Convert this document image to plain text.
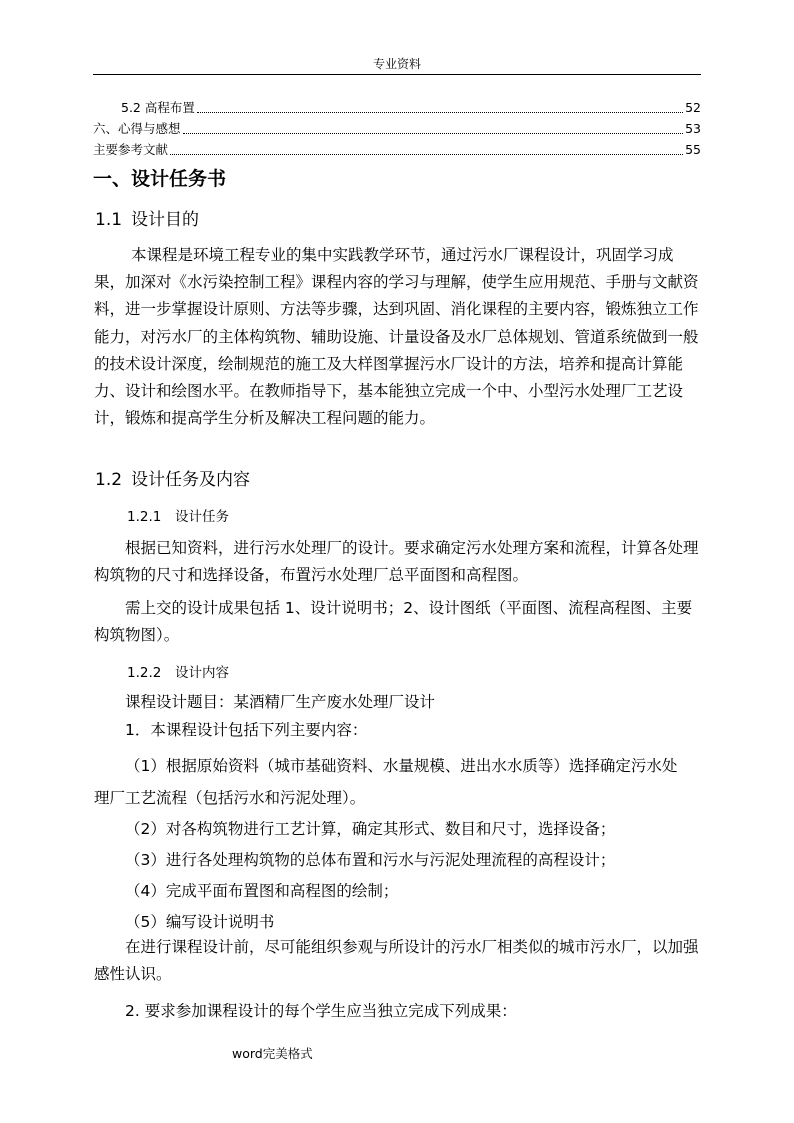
专业资料
5.2 高程布置	52
六、心得与感想	53
主要参考文献	55
一、设计任务书
1.1 设计目的
本课程是环境工程专业的集中实践教学环节，通过污水厂课程设计，巩固学习成果，加深对《水污染控制工程》课程内容的学习与理解，使学生应用规范、手册与文献资料，进一步掌握设计原则、方法等步骤，达到巩固、消化课程的主要内容，锻炼独立工作能力，对污水厂的主体构筑物、辅助设施、计量设备及水厂总体规划、管道系统做到一般的技术设计深度，绘制规范的施工及大样图掌握污水厂设计的方法，培养和提高计算能力、设计和绘图水平。在教师指导下，基本能独立完成一个中、小型污水处理厂工艺设计，锻炼和提高学生分析及解决工程问题的能力。
1.2 设计任务及内容
1.2.1 设计任务
根据已知资料，进行污水处理厂的设计。要求确定污水处理方案和流程，计算各处理构筑物的尺寸和选择设备，布置污水处理厂总平面图和高程图。
需上交的设计成果包括 1、设计说明书；2、设计图纸（平面图、流程高程图、主要构筑物图）。
1.2.2 设计内容
课程设计题目：某酒精厂生产废水处理厂设计
1．本课程设计包括下列主要内容：
（1）根据原始资料（城市基础资料、水量规模、进出水水质等）选择确定污水处
理厂工艺流程（包括污水和污泥处理）。
（2）对各构筑物进行工艺计算，确定其形式、数目和尺寸，选择设备；
（3）进行各处理构筑物的总体布置和污水与污泥处理流程的高程设计；
（4）完成平面布置图和高程图的绘制；
（5）编写设计说明书
在进行课程设计前，尽可能组织参观与所设计的污水厂相类似的城市污水厂，以加强感性认识。
2. 要求参加课程设计的每个学生应当独立完成下列成果：
word完美格式
